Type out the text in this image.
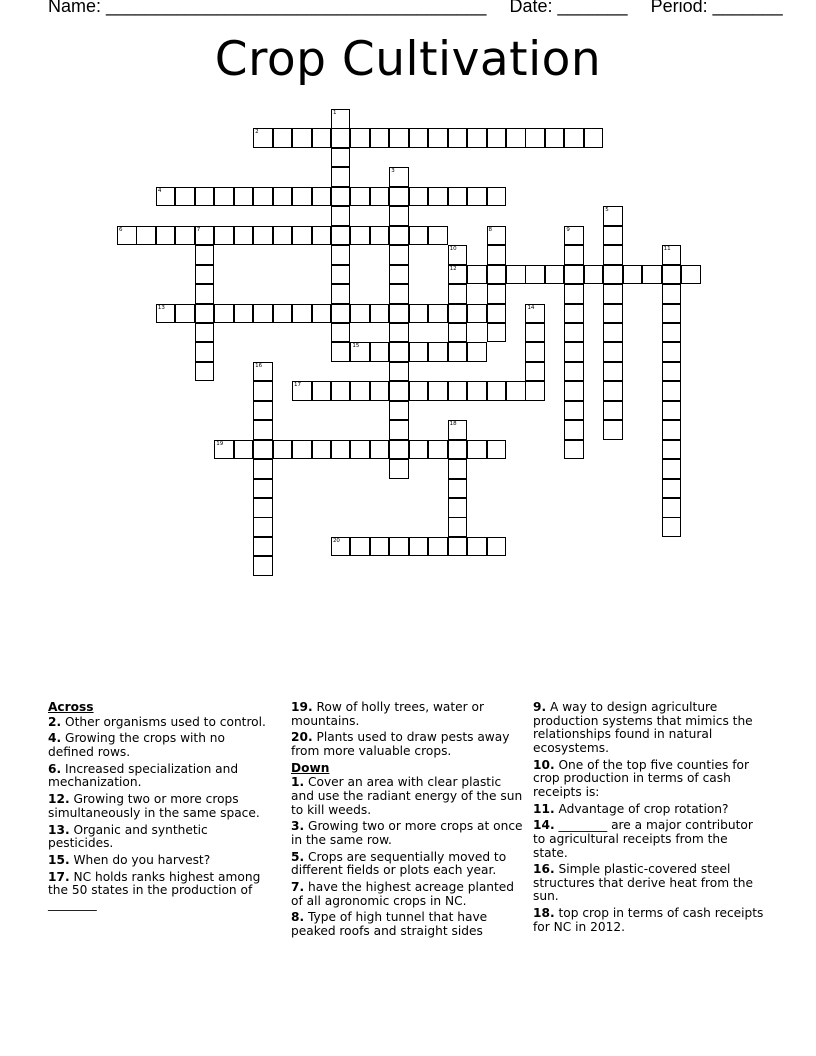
Name: ______________________________________ Date: _______ Period: _______
Crop Cultivation
1
2
3
4
5
6	7	8	9
10
12
11
13	14
15
16
17
18
19
20
Across
2. Other organisms used to control.
4. Growing the crops with no defined rows.
6. Increased specialization and mechanization.
12. Growing two or more crops simultaneously in the same space.
13. Organic and synthetic pesticides.
15. When do you harvest?
17. NC holds ranks highest among the 50 states in the production of ________
19. Row of holly trees, water or mountains.
20. Plants used to draw pests away from more valuable crops.
Down
1. Cover an area with clear plastic and use the radiant energy of the sun to kill weeds.
3. Growing two or more crops at once in the same row.
5. Crops are sequentially moved to different fields or plots each year.
7. have the highest acreage planted of all agronomic crops in NC.
8. Type of high tunnel that have peaked roofs and straight sides
9. A way to design agriculture production systems that mimics the relationships found in natural ecosystems.
10. One of the top five counties for crop production in terms of cash receipts is:
11. Advantage of crop rotation?
14. ________ are a major contributor to agricultural receipts from the state.
16. Simple plastic-covered steel structures that derive heat from the sun.
18. top crop in terms of cash receipts for NC in 2012.
